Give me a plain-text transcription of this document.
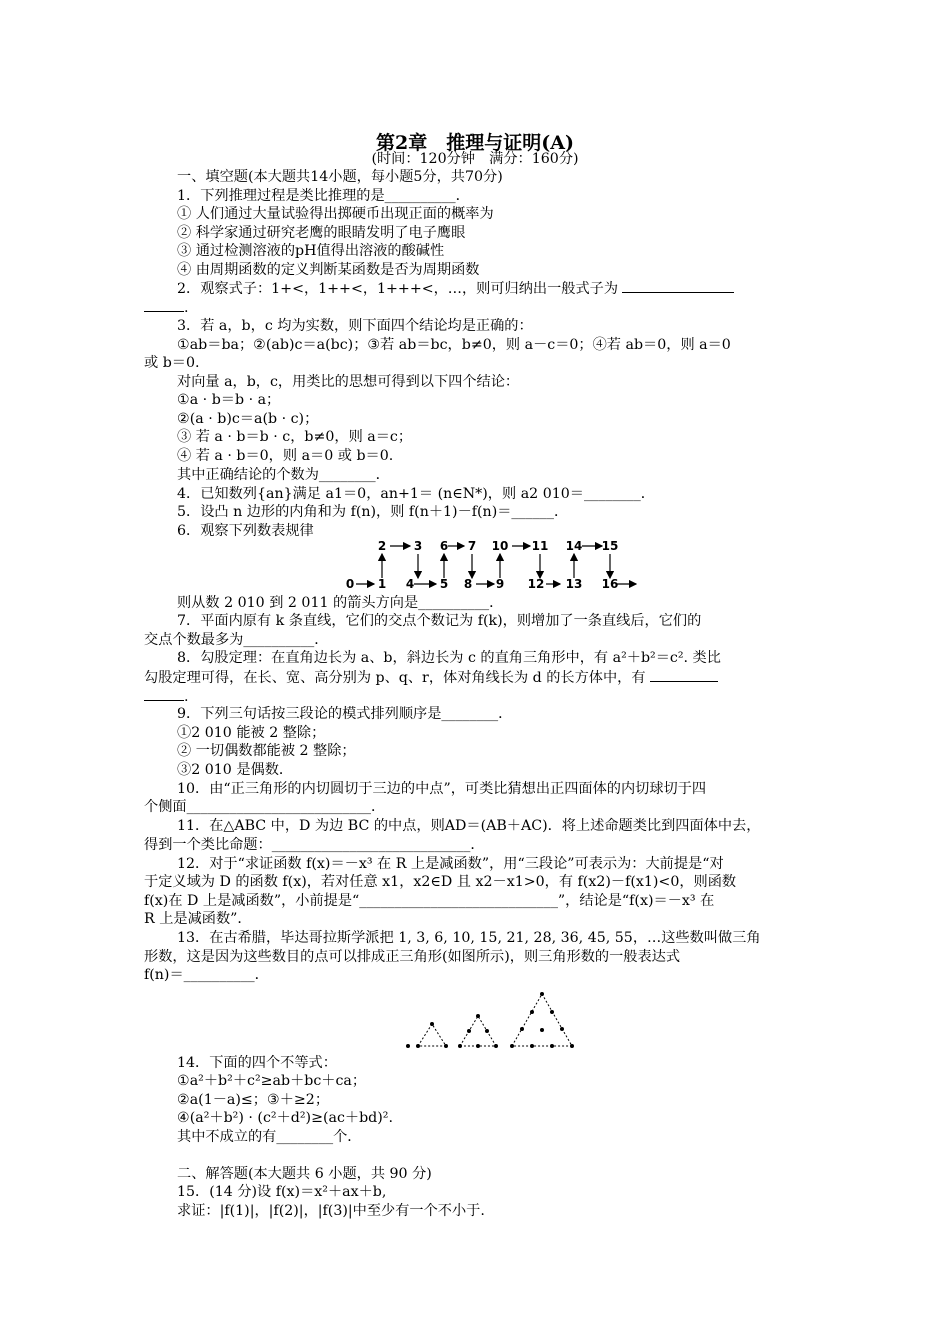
第2章　推理与证明(A)
(时间：120分钟　满分：160分)
一、填空题(本大题共14小题，每小题5分，共70分)
1．下列推理过程是类比推理的是__________．
① 人们通过大量试验得出掷硬币出现正面的概率为
② 科学家通过研究老鹰的眼睛发明了电子鹰眼
③ 通过检测溶液的pH值得出溶液的酸碱性
④ 由周期函数的定义判断某函数是否为周期函数
2．观察式子：1+<，1++<，1+++<，…，则可归纳出一般式子为
.
3．若 a，b，c 均为实数，则下面四个结论均是正确的：
①ab＝ba；②(ab)c＝a(bc)；③若 ab＝bc，b≠0，则 a－c＝0；④若 ab＝0，则 a＝0
或 b＝0.
对向量 a，b，c，用类比的思想可得到以下四个结论：
①a · b＝b · a；
②(a · b)c＝a(b · c)；
③ 若 a · b＝b · c，b≠0，则 a＝c；
④ 若 a · b＝0，则 a＝0 或 b＝0.
其中正确结论的个数为________．
4．已知数列{an}满足 a1＝0，an+1＝ (n∈N*)，则 a2 010＝________．
5．设凸 n 边形的内角和为 f(n)，则 f(n＋1)－f(n)＝______．
6．观察下列数表规律
2 3 6 7 10 11 14 15
0 1 4 5 8 9 12 13 16
则从数 2 010 到 2 011 的箭头方向是__________．
7．平面内原有 k 条直线，它们的交点个数记为 f(k)，则增加了一条直线后，它们的
交点个数最多为__________．
8．勾股定理：在直角边长为 a、b，斜边长为 c 的直角三角形中，有 a²＋b²＝c². 类比
勾股定理可得，在长、宽、高分别为 p、q、r，体对角线长为 d 的长方体中，有
.
9．下列三句话按三段论的模式排列顺序是________．
①2 010 能被 2 整除；
② 一切偶数都能被 2 整除；
③2 010 是偶数．
10．由“正三角形的内切圆切于三边的中点”，可类比猜想出正四面体的内切球切于四
个侧面__________________________．
11．在△ABC 中，D 为边 BC 的中点，则AD＝(AB＋AC)．将上述命题类比到四面体中去，
得到一个类比命题：____________________________．
12．对于“求证函数 f(x)＝－x³ 在 R 上是减函数”，用“三段论”可表示为：大前提是“对
于定义域为 D 的函数 f(x)，若对任意 x1，x2∈D 且 x2－x1>0，有 f(x2)－f(x1)<0，则函数
f(x)在 D 上是减函数”，小前提是“____________________________”，结论是“f(x)＝－x³ 在
R 上是减函数”．
13．在古希腊，毕达哥拉斯学派把 1, 3, 6, 10, 15, 21, 28, 36, 45, 55，…这些数叫做三角
形数，这是因为这些数目的点可以排成正三角形(如图所示)，则三角形数的一般表达式
f(n)＝__________．
14．下面的四个不等式：
①a²＋b²＋c²≥ab＋bc＋ca；
②a(1－a)≤；③＋≥2；
④(a²＋b²) · (c²＋d²)≥(ac＋bd)².
其中不成立的有________个．
二、解答题(本大题共 6 小题，共 90 分)
15．(14 分)设 f(x)＝x²＋ax＋b,
求证：|f(1)|，|f(2)|，|f(3)|中至少有一个不小于.
